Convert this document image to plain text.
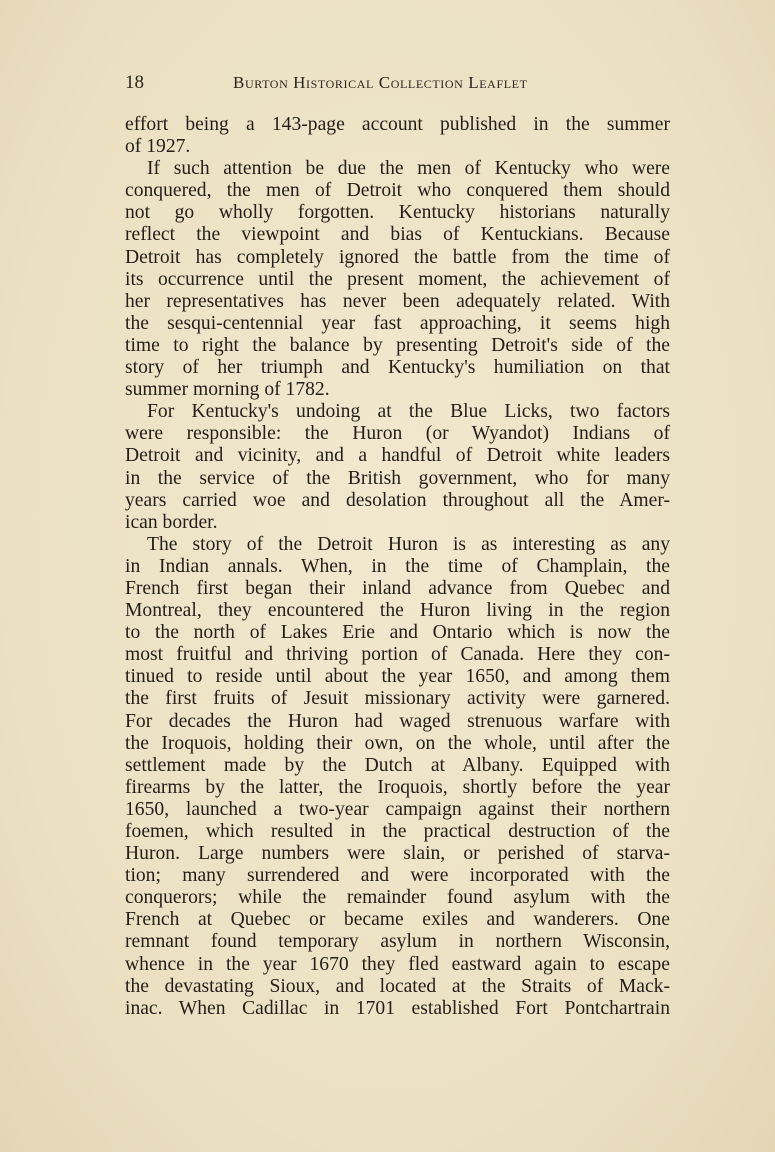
18	Burton Historical Collection Leaflet
effort being a 143-page account published in the summer
of 1927.
If such attention be due the men of Kentucky who were
conquered, the men of Detroit who conquered them should
not go wholly forgotten. Kentucky historians naturally
reflect the viewpoint and bias of Kentuckians. Because
Detroit has completely ignored the battle from the time of
its occurrence until the present moment, the achievement of
her representatives has never been adequately related. With
the sesqui-centennial year fast approaching, it seems high
time to right the balance by presenting Detroit's side of the
story of her triumph and Kentucky's humiliation on that
summer morning of 1782.
For Kentucky's undoing at the Blue Licks, two factors
were responsible: the Huron (or Wyandot) Indians of
Detroit and vicinity, and a handful of Detroit white leaders
in the service of the British government, who for many
years carried woe and desolation throughout all the Amer-
ican border.
The story of the Detroit Huron is as interesting as any
in Indian annals. When, in the time of Champlain, the
French first began their inland advance from Quebec and
Montreal, they encountered the Huron living in the region
to the north of Lakes Erie and Ontario which is now the
most fruitful and thriving portion of Canada. Here they con-
tinued to reside until about the year 1650, and among them
the first fruits of Jesuit missionary activity were garnered.
For decades the Huron had waged strenuous warfare with
the Iroquois, holding their own, on the whole, until after the
settlement made by the Dutch at Albany. Equipped with
firearms by the latter, the Iroquois, shortly before the year
1650, launched a two-year campaign against their northern
foemen, which resulted in the practical destruction of the
Huron. Large numbers were slain, or perished of starva-
tion; many surrendered and were incorporated with the
conquerors; while the remainder found asylum with the
French at Quebec or became exiles and wanderers. One
remnant found temporary asylum in northern Wisconsin,
whence in the year 1670 they fled eastward again to escape
the devastating Sioux, and located at the Straits of Mack-
inac. When Cadillac in 1701 established Fort Pontchartrain
